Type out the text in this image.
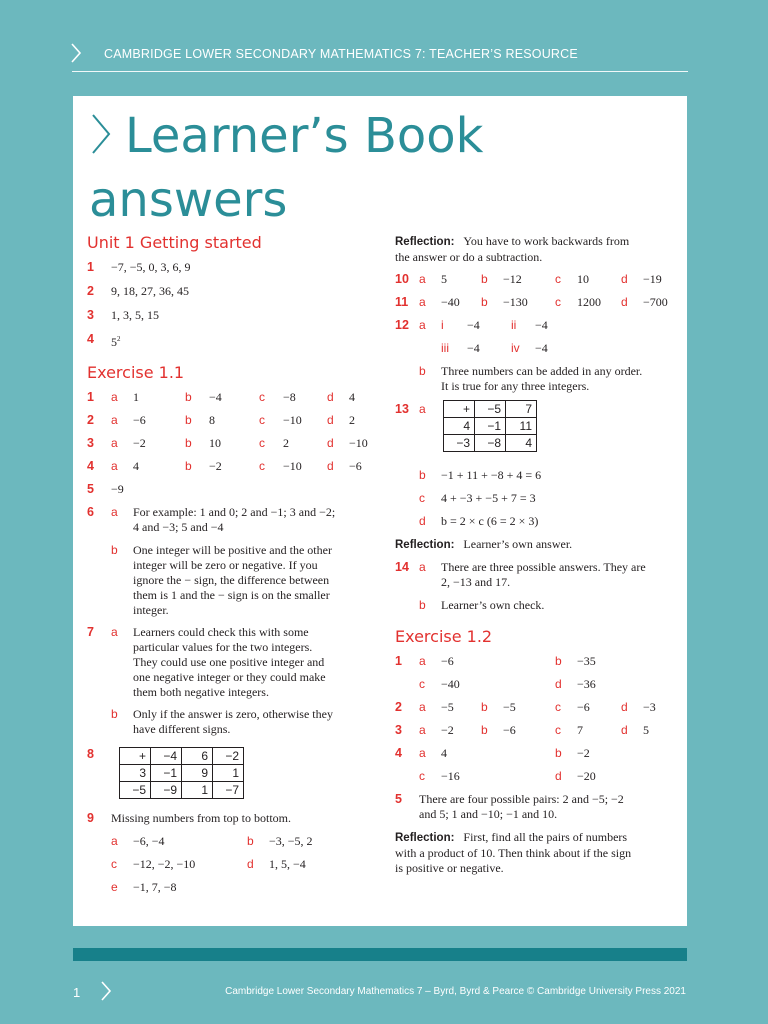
CAMBRIDGE LOWER SECONDARY MATHEMATICS 7: TEACHER’S RESOURCE
Learner’s Book
answers
Unit 1 Getting started
1 −7, −5, 0, 3, 6, 9
2 9, 18, 27, 36, 45
3 1, 3, 5, 15
4 $5^2$
Exercise 1.1
1 a 1	b −4	c −8	d 4
2 a −6	b 8	c −10 d 2
3 a −2	b 10	c 2	d −10
4 a 4	b −2	c −10 d −6
5 −9
6 a For example: 1 and 0; 2 and −1; 3 and −2;
4 and −3; 5 and −4
b One integer will be positive and the other
integer will be zero or negative. If you
ignore the − sign, the difference between
them is 1 and the − sign is on the smaller
integer.
7 a Learners could check this with some
particular values for the two integers.
They could use one positive integer and
one negative integer or they could make
them both negative integers.
b Only if the answer is zero, otherwise they
have different signs.
8	+	−4	6	−2
3	−1	9	1
−5	−9	1	−7
9 Missing numbers from top to bottom.
a −6, −4	b −3, −5, 2
c −12, −2, −10	d 1, 5, −4
e −1, 7, −8
Reflection: You have to work backwards from
the answer or do a subtraction.
10 a 5	b −12	c 10	d −19
11 a −40 b −130 c 1200 d −700
12 a i −4	ii −4
iii −4	iv −4
b Three numbers can be added in any order.
It is true for any three integers.
13 a	+	−5	7
4	−1	11
−3	−8	4
b −1 + 11 + −8 + 4 = 6
c 4 + −3 + −5 + 7 = 3
d b = 2 × c (6 = 2 × 3)
Reflection: Learner’s own answer.
14 a There are three possible answers. They are
2, −13 and 17.
b Learner’s own check.
Exercise 1.2
1 a −6	b −35
c −40	d −36
2 a −5 b −5	c −6	d −3
3 a −2 b −6	c 7	d 5
4 a 4	b −2
c −16	d −20
5 There are four possible pairs: 2 and −5; −2
and 5; 1 and −10; −1 and 10.
Reflection: First, find all the pairs of numbers
with a product of 10. Then think about if the sign
is positive or negative.
1	Cambridge Lower Secondary Mathematics 7 – Byrd, Byrd & Pearce © Cambridge University Press 2021
